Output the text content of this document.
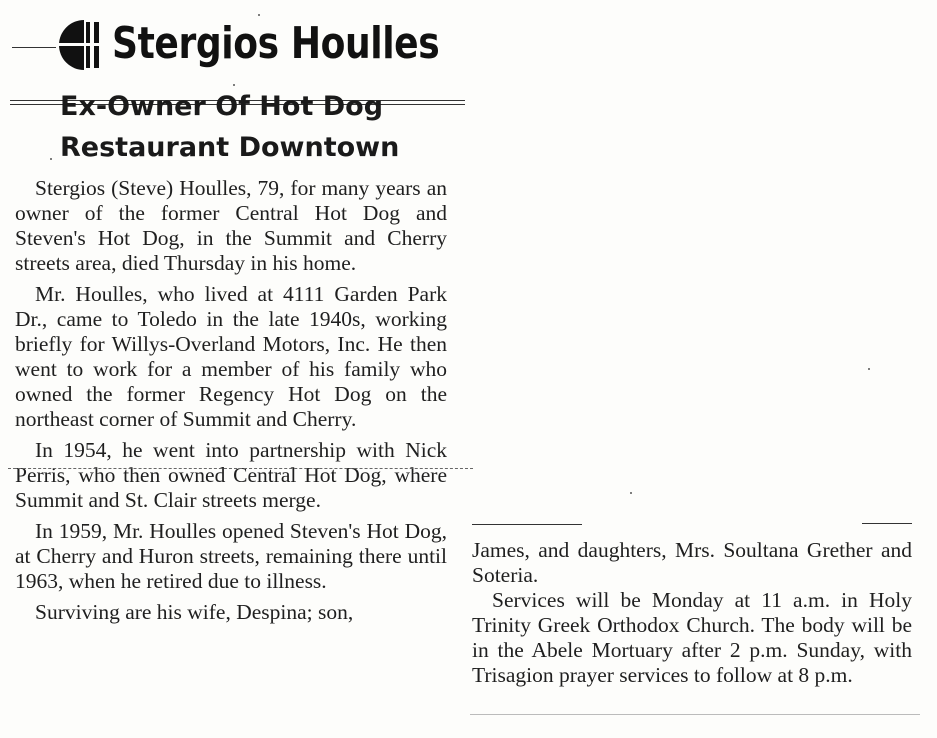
Stergios Houlles
Ex-Owner Of Hot Dog
Restaurant Downtown

Stergios (Steve) Houlles, 79, for many years an owner of the former Central Hot Dog and Steven's Hot Dog, in the Summit and Cherry streets area, died Thursday in his home.

Mr. Houlles, who lived at 4111 Garden Park Dr., came to Toledo in the late 1940s, working briefly for Willys-Overland Motors, Inc. He then went to work for a member of his family who owned the former Regency Hot Dog on the northeast corner of Summit and Cherry.

In 1954, he went into partnership with Nick Perris, who then owned Central Hot Dog, where Summit and St. Clair streets merge.

In 1959, Mr. Houlles opened Steven's Hot Dog, at Cherry and Huron streets, remaining there until 1963, when he retired due to illness.

Surviving are his wife, Despina; son,

James, and daughters, Mrs. Soultana Grether and Soteria.

Services will be Monday at 11 a.m. in Holy Trinity Greek Orthodox Church. The body will be in the Abele Mortuary after 2 p.m. Sunday, with Trisagion prayer services to follow at 8 p.m.
